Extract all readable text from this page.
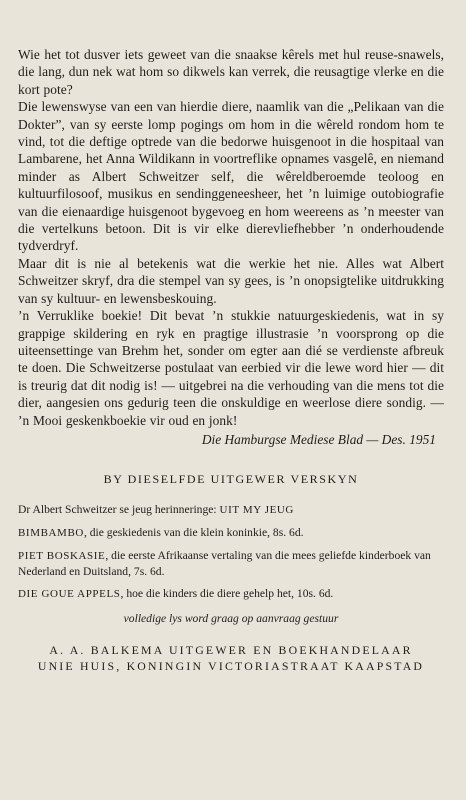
Wie het tot dusver iets geweet van die snaakse kêrels met hul reuse-snawels, die lang, dun nek wat hom so dikwels kan verrek, die reusagtige vlerke en die kort pote?

Die lewenswyse van een van hierdie diere, naamlik van die „Pelikaan van die Dokter”, van sy eerste lomp pogings om hom in die wêreld rondom hom te vind, tot die deftige optrede van die bedorwe huisgenoot in die hospitaal van Lambarene, het Anna Wildikann in voortreflike opnames vasgelê, en niemand minder as Albert Schweitzer self, die wêreldberoemde teoloog en kultuurfilosoof, musikus en sendinggeneesheer, het ’n luimige outobiografie van die eienaardige huisgenoot bygevoeg en hom weereens as ’n meester van die vertelkuns betoon. Dit is vir elke dierevliefhebber ’n onderhoudende tydverdryf.

Maar dit is nie al betekenis wat die werkie het nie. Alles wat Albert Schweitzer skryf, dra die stempel van sy gees, is ’n onopsigtelike uitdrukking van sy kultuur- en lewensbeskouing.

’n Verruklike boekie! Dit bevat ’n stukkie natuurgeskiedenis, wat in sy grappige skildering en ryk en pragtige illustrasie ’n voorsprong op die uiteensettinge van Brehm het, sonder om egter aan dié se verdienste afbreuk te doen. Die Schweitzerse postulaat van eerbied vir die lewe word hier — dit is treurig dat dit nodig is! — uitgebrei na die verhouding van die mens tot die dier, aangesien ons gedurig teen die onskuldige en weerlose diere sondig. — ’n Mooi geskenkboekie vir oud en jonk!

Die Hamburgse Mediese Blad — Des. 1951
BY DIESELFDE UITGEWER VERSKYN
Dr Albert Schweitzer se jeug herinneringe: UIT MY JEUG
BIMBAMBO, die geskiedenis van die klein koninkie, 8s. 6d.
PIET BOSKASIE, die eerste Afrikaanse vertaling van die mees geliefde kinderboek van Nederland en Duitsland, 7s. 6d.
DIE GOUE APPELS, hoe die kinders die diere gehelp het, 10s. 6d.
volledige lys word graag op aanvraag gestuur
A. A. BALKEMA UITGEWER EN BOEKHANDELAAR
UNIE HUIS, KONINGIN VICTORIASTRAAT KAAPSTAD
